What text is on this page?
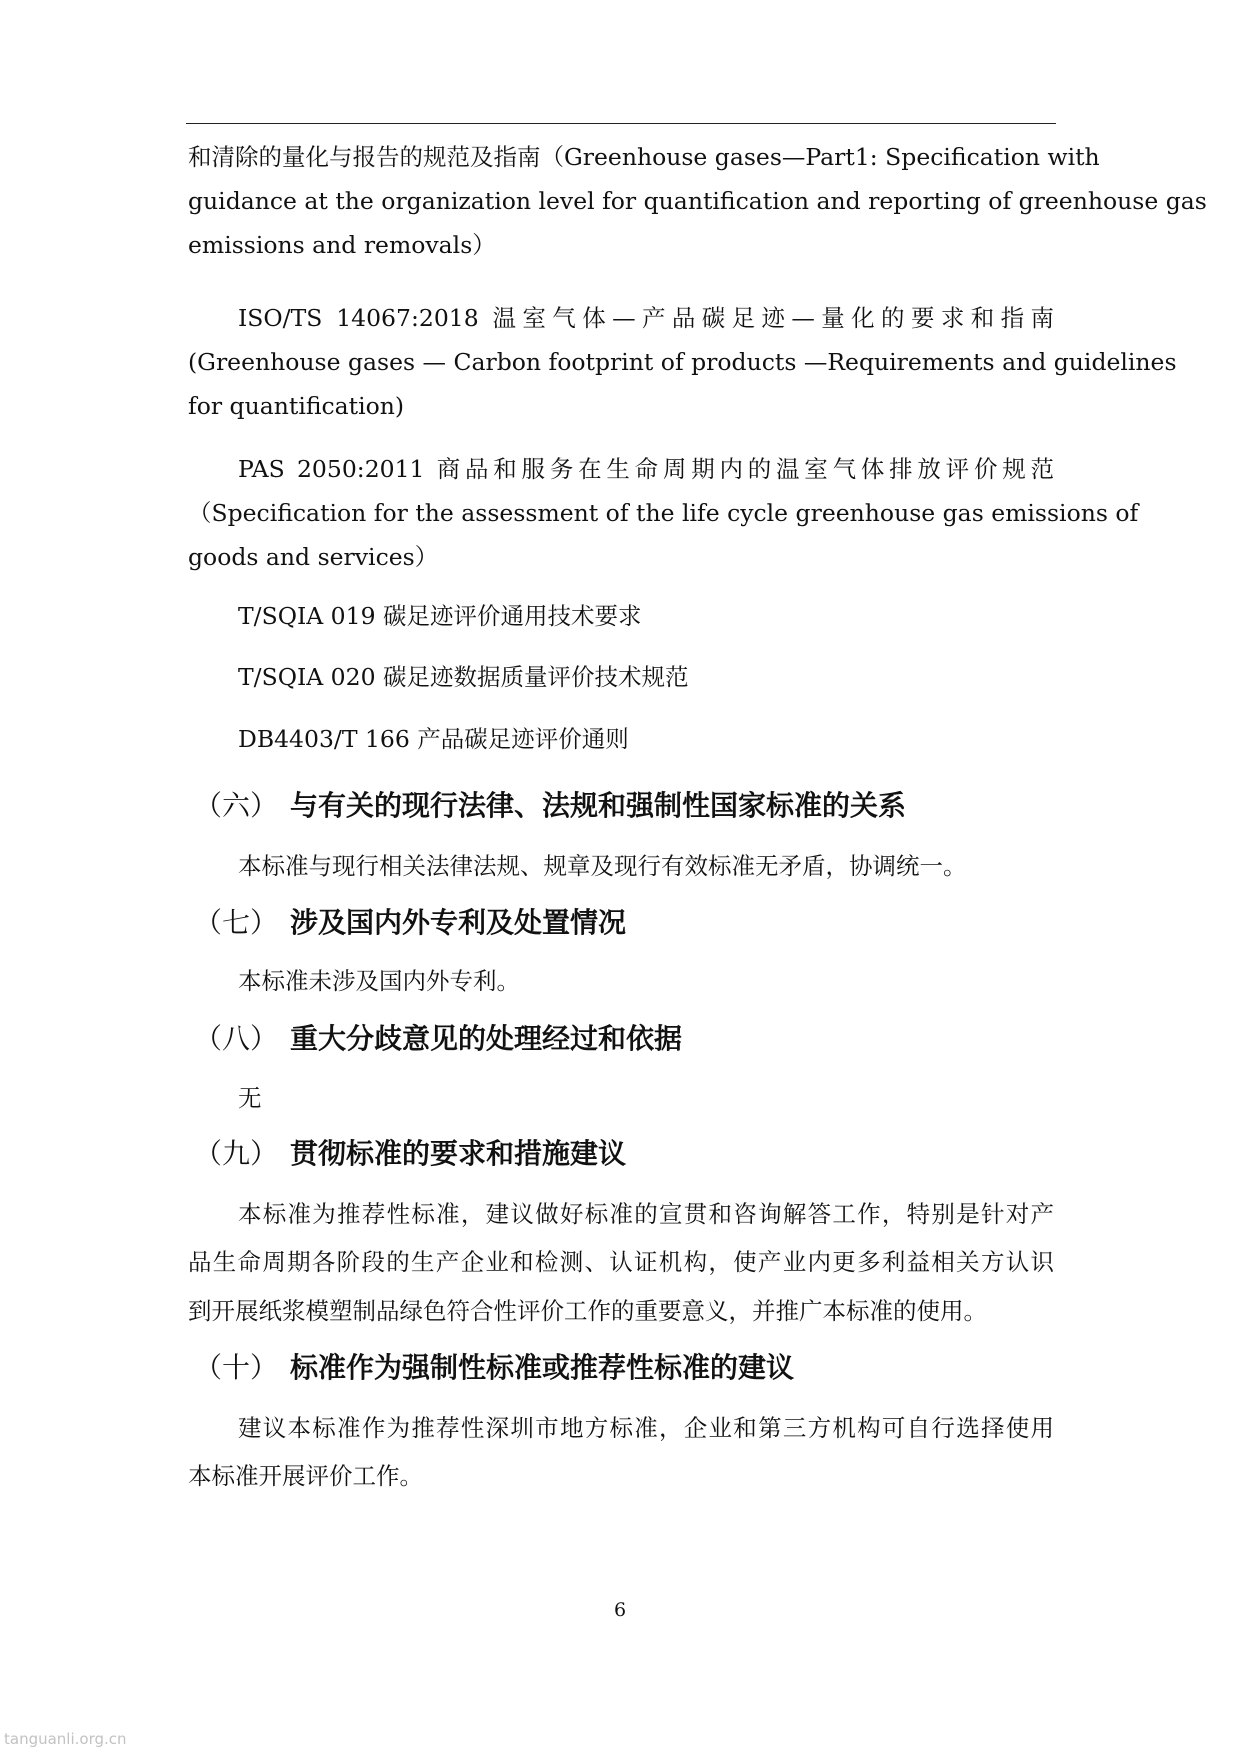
和清除的量化与报告的规范及指南（Greenhouse gases—Part1: Specification with
guidance at the organization level for quantification and reporting of greenhouse gas
emissions and removals）
ISO/TS 14067:2018 温室气体—产品碳足迹—量化的要求和指南
(Greenhouse gases — Carbon footprint of products —Requirements and guidelines
for quantification)
PAS 2050:2011 商品和服务在生命周期内的温室气体排放评价规范
（Specification for the assessment of the life cycle greenhouse gas emissions of
goods and services）
T/SQIA 019 碳足迹评价通用技术要求
T/SQIA 020 碳足迹数据质量评价技术规范
DB4403/T 166 产品碳足迹评价通则
（六） 与有关的现行法律、法规和强制性国家标准的关系
本标准与现行相关法律法规、规章及现行有效标准无矛盾，协调统一。
（七） 涉及国内外专利及处置情况
本标准未涉及国内外专利。
（八） 重大分歧意见的处理经过和依据
无
（九） 贯彻标准的要求和措施建议
本标准为推荐性标准，建议做好标准的宣贯和咨询解答工作，特别是针对产
品生命周期各阶段的生产企业和检测、认证机构，使产业内更多利益相关方认识
到开展纸浆模塑制品绿色符合性评价工作的重要意义，并推广本标准的使用。
（十） 标准作为强制性标准或推荐性标准的建议
建议本标准作为推荐性深圳市地方标准，企业和第三方机构可自行选择使用
本标准开展评价工作。
6
tanguanli.org.cn
